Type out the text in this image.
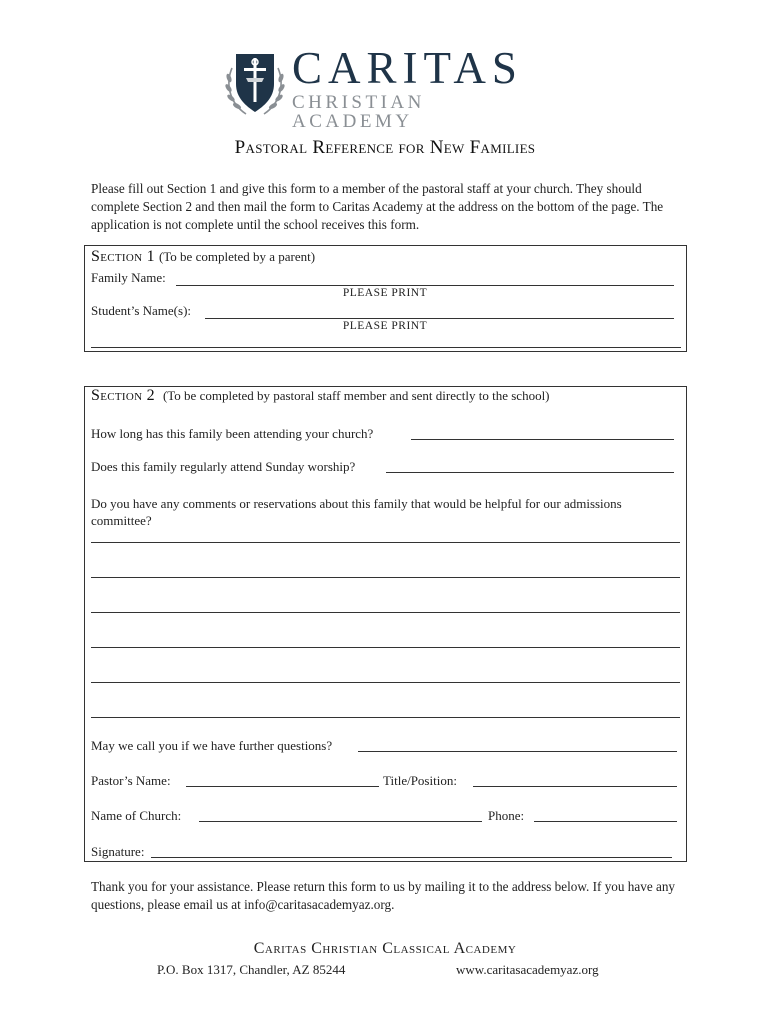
CARITAS
CHRISTIAN ACADEMY
Pastoral Reference for New Families
Please fill out Section 1 and give this form to a member of the pastoral staff at your church. They should complete Section 2 and then mail the form to Caritas Academy at the address on the bottom of the page. The application is not complete until the school receives this form.
Section 1 (To be completed by a parent)
Family Name:
PLEASE PRINT
Student’s Name(s):
PLEASE PRINT
Section 2 (To be completed by pastoral staff member and sent directly to the school)
How long has this family been attending your church?
Does this family regularly attend Sunday worship?
Do you have any comments or reservations about this family that would be helpful for our admissions committee?
May we call you if we have further questions?
Pastor’s Name:	Title/Position:
Name of Church:	Phone:
Signature:
Thank you for your assistance. Please return this form to us by mailing it to the address below. If you have any questions, please email us at info@caritasacademyaz.org.
Caritas Christian Classical Academy
P.O. Box 1317, Chandler, AZ 85244	www.caritasacademyaz.org
